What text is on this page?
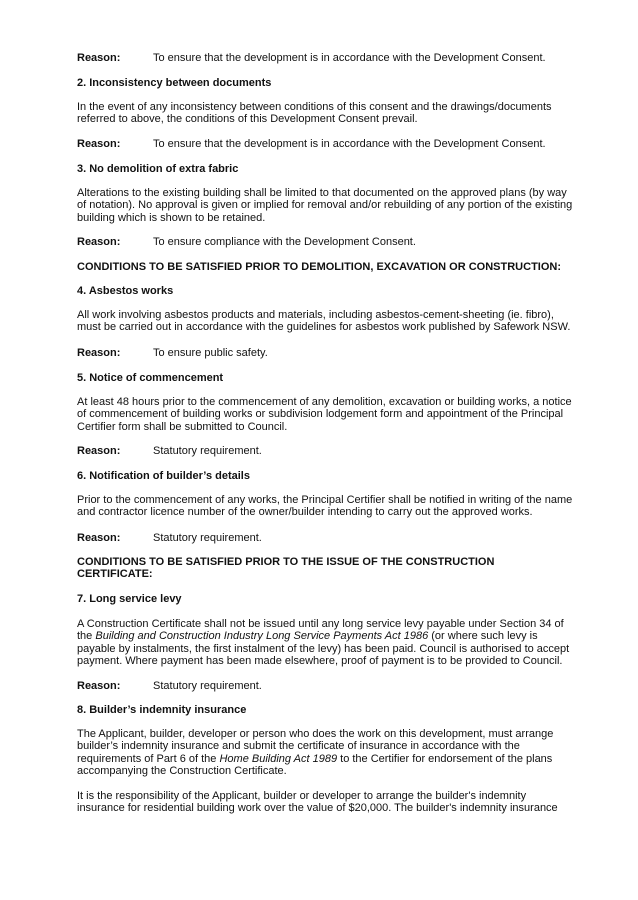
Reason:	To ensure that the development is in accordance with the Development Consent.
2. Inconsistency between documents
In the event of any inconsistency between conditions of this consent and the drawings/documents
referred to above, the conditions of this Development Consent prevail.
Reason:	To ensure that the development is in accordance with the Development Consent.
3. No demolition of extra fabric
Alterations to the existing building shall be limited to that documented on the approved plans (by way
of notation). No approval is given or implied for removal and/or rebuilding of any portion of the existing
building which is shown to be retained.
Reason:	To ensure compliance with the Development Consent.
CONDITIONS TO BE SATISFIED PRIOR TO DEMOLITION, EXCAVATION OR CONSTRUCTION:
4. Asbestos works
All work involving asbestos products and materials, including asbestos-cement-sheeting (ie. fibro),
must be carried out in accordance with the guidelines for asbestos work published by Safework NSW.
Reason:	To ensure public safety.
5. Notice of commencement
At least 48 hours prior to the commencement of any demolition, excavation or building works, a notice
of commencement of building works or subdivision lodgement form and appointment of the Principal
Certifier form shall be submitted to Council.
Reason:	Statutory requirement.
6. Notification of builder’s details
Prior to the commencement of any works, the Principal Certifier shall be notified in writing of the name
and contractor licence number of the owner/builder intending to carry out the approved works.
Reason:	Statutory requirement.
CONDITIONS TO BE SATISFIED PRIOR TO THE ISSUE OF THE CONSTRUCTION
CERTIFICATE:
7. Long service levy
A Construction Certificate shall not be issued until any long service levy payable under Section 34 of
the Building and Construction Industry Long Service Payments Act 1986 (or where such levy is
payable by instalments, the first instalment of the levy) has been paid. Council is authorised to accept
payment. Where payment has been made elsewhere, proof of payment is to be provided to Council.
Reason:	Statutory requirement.
8. Builder’s indemnity insurance
The Applicant, builder, developer or person who does the work on this development, must arrange
builder’s indemnity insurance and submit the certificate of insurance in accordance with the
requirements of Part 6 of the Home Building Act 1989 to the Certifier for endorsement of the plans
accompanying the Construction Certificate.
It is the responsibility of the Applicant, builder or developer to arrange the builder's indemnity
insurance for residential building work over the value of $20,000. The builder's indemnity insurance
